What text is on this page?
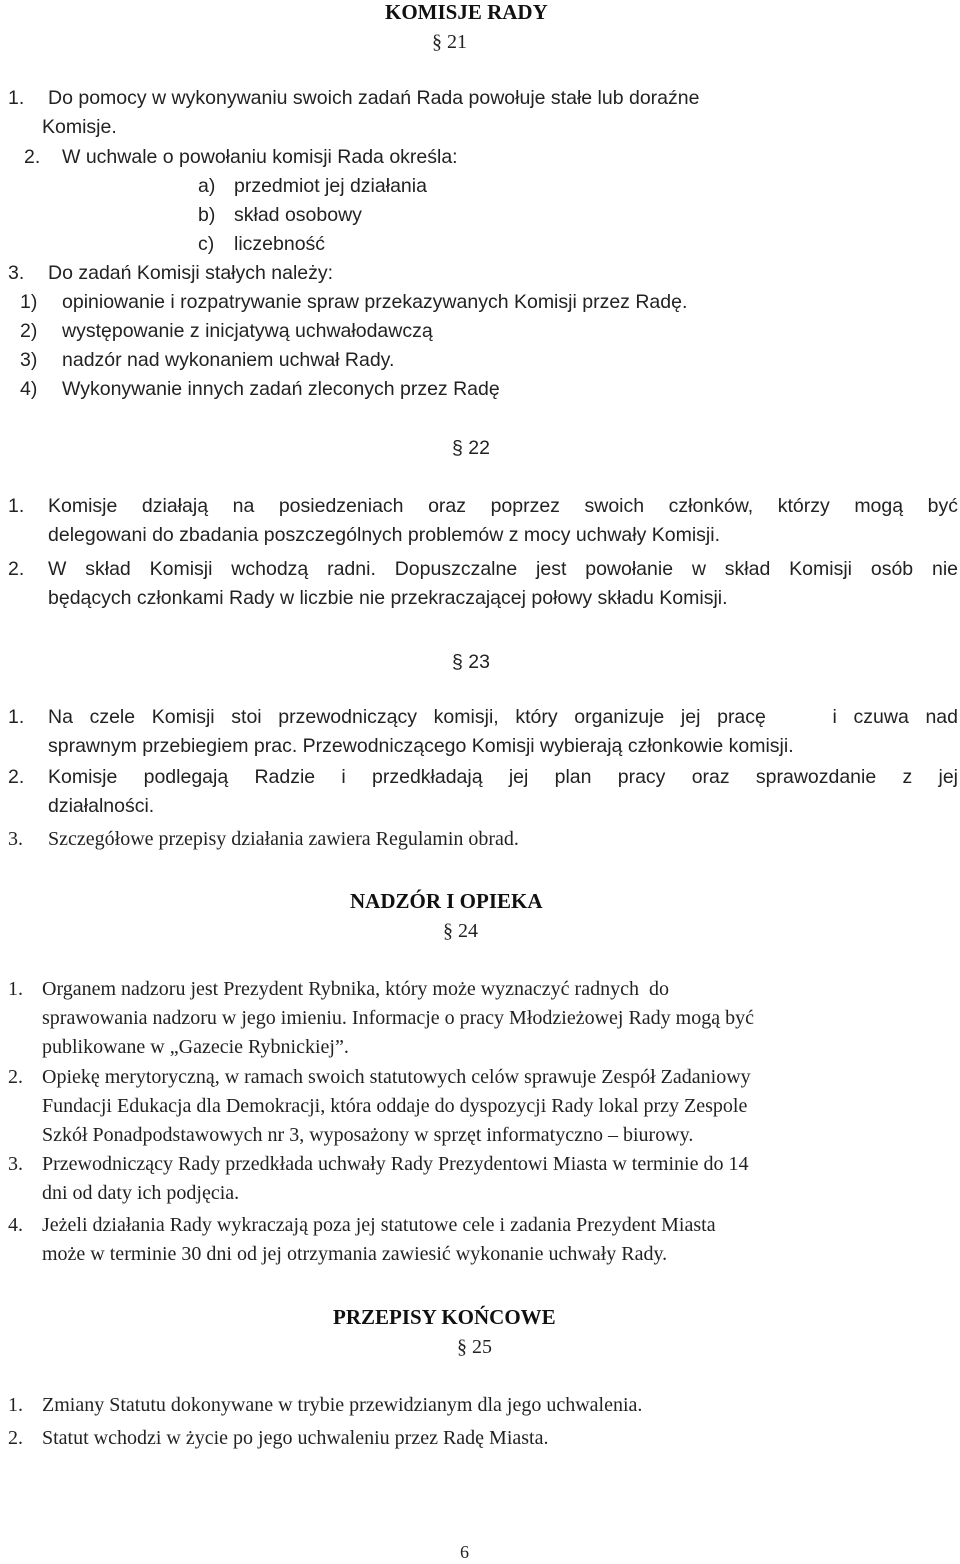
KOMISJE RADY
§ 21
1. Do pomocy w wykonywaniu swoich zadań Rada powołuje stałe lub doraźne
Komisje.
2. W uchwale o powołaniu komisji Rada określa:
a) przedmiot jej działania
b) skład osobowy
c) liczebność
3. Do zadań Komisji stałych należy:
1) opiniowanie i rozpatrywanie spraw przekazywanych Komisji przez Radę.
2) występowanie z inicjatywą uchwałodawczą
3) nadzór nad wykonaniem uchwał Rady.
4) Wykonywanie innych zadań zleconych przez Radę
§ 22
1. Komisje działają na posiedzeniach oraz poprzez swoich członków, którzy mogą być
delegowani do zbadania poszczególnych problemów z mocy uchwały Komisji.
2. W skład Komisji wchodzą radni. Dopuszczalne jest powołanie w skład Komisji osób nie
będących członkami Rady w liczbie nie przekraczającej połowy składu Komisji.
§ 23
1. Na czele Komisji stoi przewodniczący komisji, który organizuje jej pracę    i czuwa nad
sprawnym przebiegiem prac. Przewodniczącego Komisji wybierają członkowie komisji.
2. Komisje podlegają Radzie i przedkładają jej plan pracy oraz sprawozdanie z jej
działalności.
3. Szczegółowe przepisy działania zawiera Regulamin obrad.
NADZÓR I OPIEKA
§ 24
1. Organem nadzoru jest Prezydent Rybnika, który może wyznaczyć radnych  do
sprawowania nadzoru w jego imieniu. Informacje o pracy Młodzieżowej Rady mogą być
publikowane w „Gazecie Rybnickiej”.
2. Opiekę merytoryczną, w ramach swoich statutowych celów sprawuje Zespół Zadaniowy
Fundacji Edukacja dla Demokracji, która oddaje do dyspozycji Rady lokal przy Zespole
Szkół Ponadpodstawowych nr 3, wyposażony w sprzęt informatyczno – biurowy.
3. Przewodniczący Rady przedkłada uchwały Rady Prezydentowi Miasta w terminie do 14
dni od daty ich podjęcia.
4. Jeżeli działania Rady wykraczają poza jej statutowe cele i zadania Prezydent Miasta
może w terminie 30 dni od jej otrzymania zawiesić wykonanie uchwały Rady.
PRZEPISY KOŃCOWE
§ 25
1. Zmiany Statutu dokonywane w trybie przewidzianym dla jego uchwalenia.
2. Statut wchodzi w życie po jego uchwaleniu przez Radę Miasta.
6
